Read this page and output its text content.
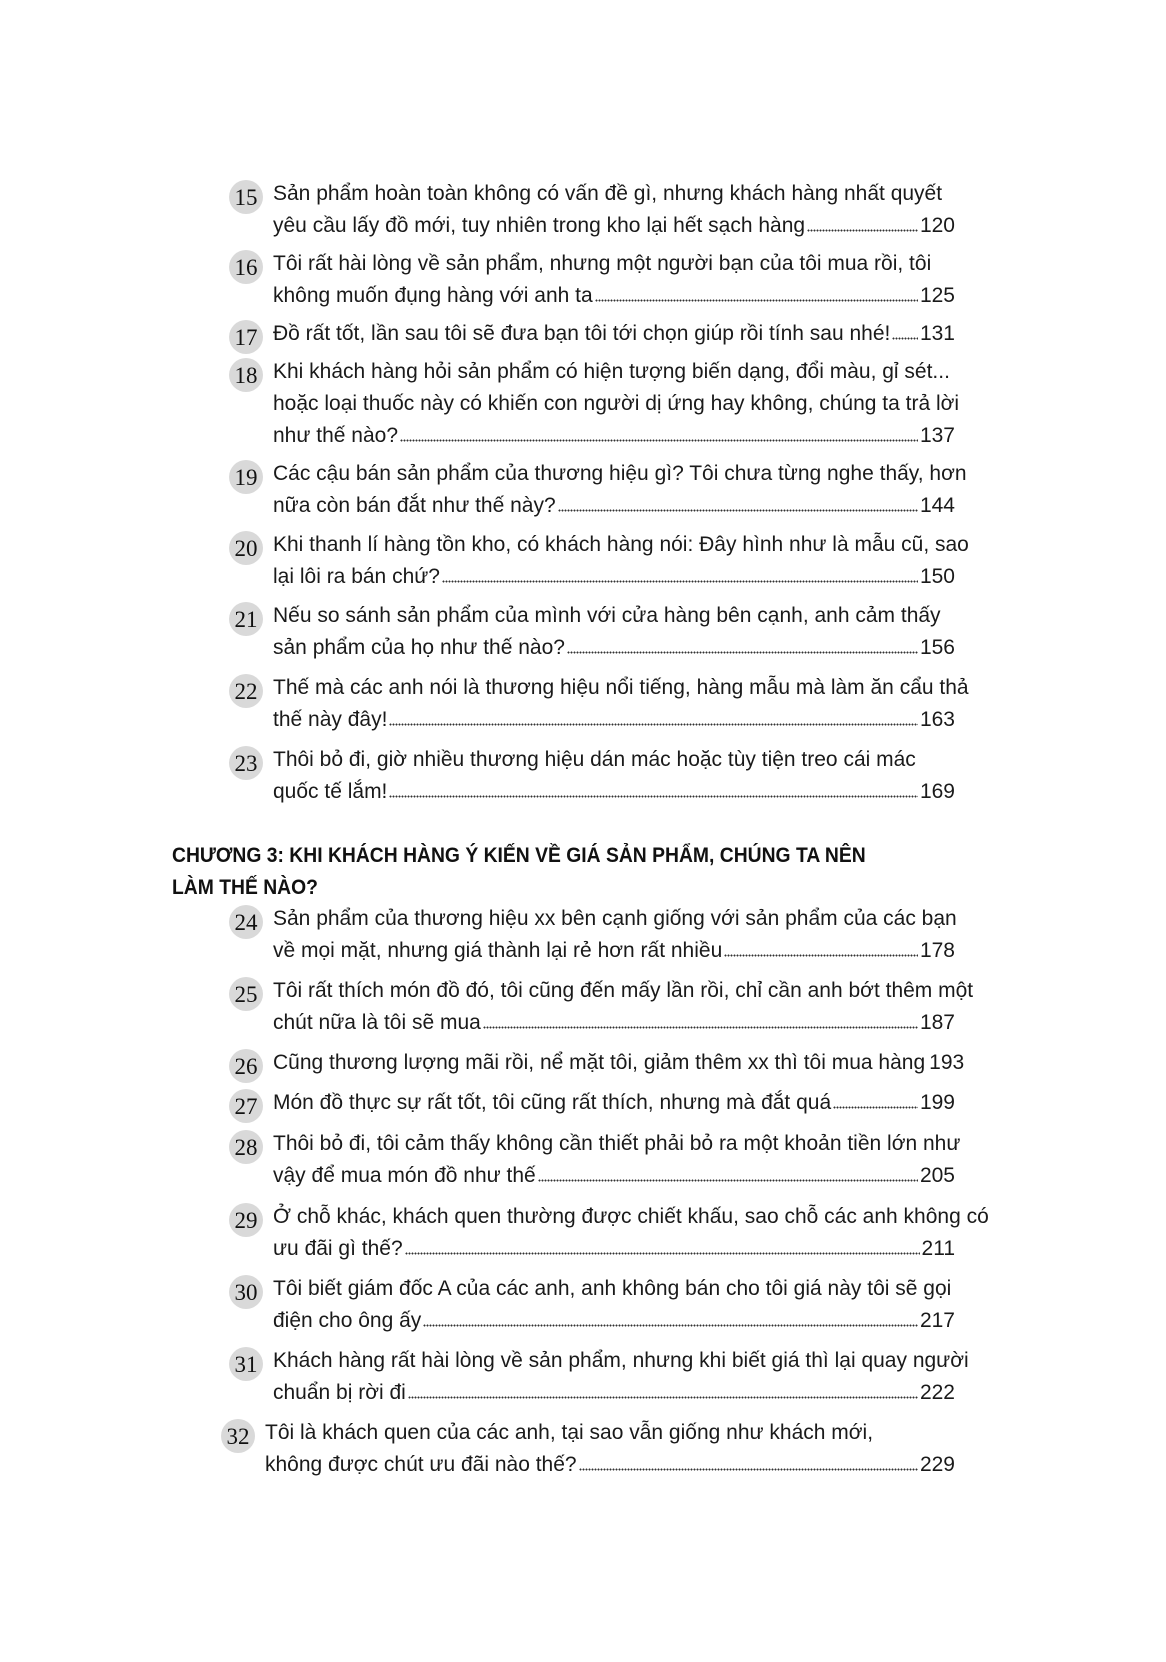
15 Sản phẩm hoàn toàn không có vấn đề gì, nhưng khách hàng nhất quyết
yêu cầu lấy đồ mới, tuy nhiên trong kho lại hết sạch hàng	120
16 Tôi rất hài lòng về sản phẩm, nhưng một người bạn của tôi mua rồi, tôi
không muốn đụng hàng với anh ta	125
17 Đồ rất tốt, lần sau tôi sẽ đưa bạn tôi tới chọn giúp rồi tính sau nhé! 131
18 Khi khách hàng hỏi sản phẩm có hiện tượng biến dạng, đổi màu, gỉ sét...
hoặc loại thuốc này có khiến con người dị ứng hay không, chúng ta trả lời
như thế nào?	137
19 Các cậu bán sản phẩm của thương hiệu gì? Tôi chưa từng nghe thấy, hơn
nữa còn bán đắt như thế này?	144
20 Khi thanh lí hàng tồn kho, có khách hàng nói: Đây hình như là mẫu cũ, sao
lại lôi ra bán chứ?	150
21 Nếu so sánh sản phẩm của mình với cửa hàng bên cạnh, anh cảm thấy
sản phẩm của họ như thế nào?	156
22 Thế mà các anh nói là thương hiệu nổi tiếng, hàng mẫu mà làm ăn cẩu thả
thế này đây!	163
23 Thôi bỏ đi, giờ nhiều thương hiệu dán mác hoặc tùy tiện treo cái mác
quốc tế lắm!	169
CHƯƠNG 3: KHI KHÁCH HÀNG Ý KIẾN VỀ GIÁ SẢN PHẨM, CHÚNG TA NÊN
LÀM THẾ NÀO?
24 Sản phẩm của thương hiệu xx bên cạnh giống với sản phẩm của các bạn
về mọi mặt, nhưng giá thành lại rẻ hơn rất nhiều	178
25 Tôi rất thích món đồ đó, tôi cũng đến mấy lần rồi, chỉ cần anh bớt thêm một
chút nữa là tôi sẽ mua	187
26 Cũng thương lượng mãi rồi, nể mặt tôi, giảm thêm xx thì tôi mua hàng 193
27 Món đồ thực sự rất tốt, tôi cũng rất thích, nhưng mà đắt quá	199
28 Thôi bỏ đi, tôi cảm thấy không cần thiết phải bỏ ra một khoản tiền lớn như
vậy để mua món đồ như thế	205
29 Ở chỗ khác, khách quen thường được chiết khấu, sao chỗ các anh không có
ưu đãi gì thế?	211
30 Tôi biết giám đốc A của các anh, anh không bán cho tôi giá này tôi sẽ gọi
điện cho ông ấy	217
31 Khách hàng rất hài lòng về sản phẩm, nhưng khi biết giá thì lại quay người
chuẩn bị rời đi	222
32 Tôi là khách quen của các anh, tại sao vẫn giống như khách mới,
không được chút ưu đãi nào thế?	229
